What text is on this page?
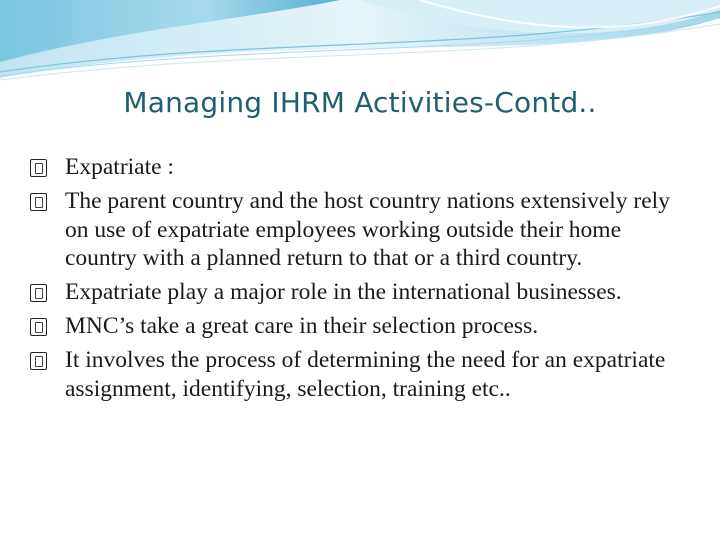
Managing IHRM Activities-Contd..
Expatriate :
The parent country and the host country nations extensively rely on use of expatriate employees working outside their home country with a planned return to that or a third country.
Expatriate play a major role in the international businesses.
MNC’s take a great care in their selection process.
It involves the process of determining the need for an expatriate assignment, identifying, selection, training etc..
